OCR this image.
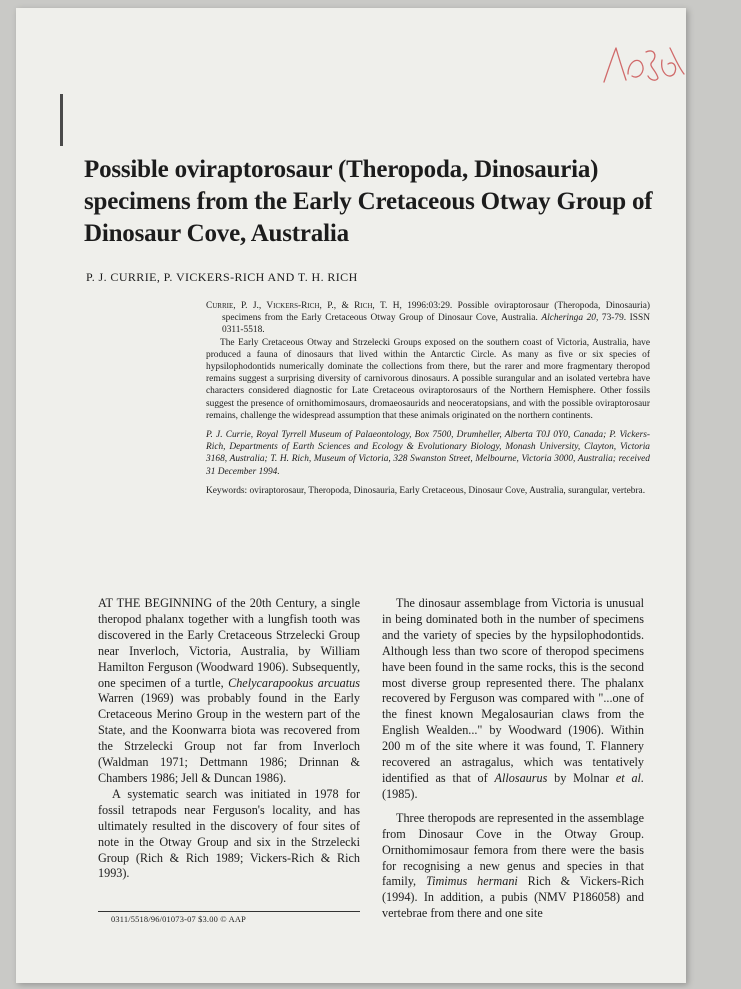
Possible oviraptorosaur (Theropoda, Dinosauria) specimens from the Early Cretaceous Otway Group of Dinosaur Cove, Australia
P. J. CURRIE, P. VICKERS-RICH AND T. H. RICH

Currie, P. J., Vickers-Rich, P., & Rich, T. H, 1996:03:29. Possible oviraptorosaur (Theropoda, Dinosauria) specimens from the Early Cretaceous Otway Group of Dinosaur Cove, Australia. Alcheringa 20, 73-79. ISSN 0311-5518.

The Early Cretaceous Otway and Strzelecki Groups exposed on the southern coast of Victoria, Australia, have produced a fauna of dinosaurs that lived within the Antarctic Circle. As many as five or six species of hypsilophodontids numerically dominate the collections from there, but the rarer and more fragmentary theropod remains suggest a surprising diversity of carnivorous dinosaurs. A possible surangular and an isolated vertebra have characters considered diagnostic for Late Cretaceous oviraptorosaurs of the Northern Hemisphere. Other fossils suggest the presence of ornithomimosaurs, dromaeosaurids and neoceratopsians, and with the possible oviraptorosaur remains, challenge the widespread assumption that these animals originated on the northern continents.

P. J. Currie, Royal Tyrrell Museum of Palaeontology, Box 7500, Drumheller, Alberta T0J 0Y0, Canada; P. Vickers-Rich, Departments of Earth Sciences and Ecology & Evolutionary Biology, Monash University, Clayton, Victoria 3168, Australia; T. H. Rich, Museum of Victoria, 328 Swanston Street, Melbourne, Victoria 3000, Australia; received 31 December 1994.

Keywords: oviraptorosaur, Theropoda, Dinosauria, Early Cretaceous, Dinosaur Cove, Australia, surangular, vertebra.

AT THE BEGINNING of the 20th Century, a single theropod phalanx together with a lungfish tooth was discovered in the Early Cretaceous Strzelecki Group near Inverloch, Victoria, Australia, by William Hamilton Ferguson (Woodward 1906). Subsequently, one specimen of a turtle, Chelycarapookus arcuatus Warren (1969) was probably found in the Early Cretaceous Merino Group in the western part of the State, and the Koonwarra biota was recovered from the Strzelecki Group not far from Inverloch (Waldman 1971; Dettmann 1986; Drinnan & Chambers 1986; Jell & Duncan 1986).

A systematic search was initiated in 1978 for fossil tetrapods near Ferguson's locality, and has ultimately resulted in the discovery of four sites of note in the Otway Group and six in the Strzelecki Group (Rich & Rich 1989; Vickers-Rich & Rich 1993).

The dinosaur assemblage from Victoria is unusual in being dominated both in the number of specimens and the variety of species by the hypsilophodontids. Although less than two score of theropod specimens have been found in the same rocks, this is the second most diverse group represented there. The phalanx recovered by Ferguson was compared with "...one of the finest known Megalosaurian claws from the English Wealden..." by Woodward (1906). Within 200 m of the site where it was found, T. Flannery recovered an astragalus, which was tentatively identified as that of Allosaurus by Molnar et al. (1985).

Three theropods are represented in the assemblage from Dinosaur Cove in the Otway Group. Ornithomimosaur femora from there were the basis for recognising a new genus and species in that family, Timimus hermani Rich & Vickers-Rich (1994). In addition, a pubis (NMV P186058) and vertebrae from there and one site

0311/5518/96/01073-07 $3.00 © AAP
